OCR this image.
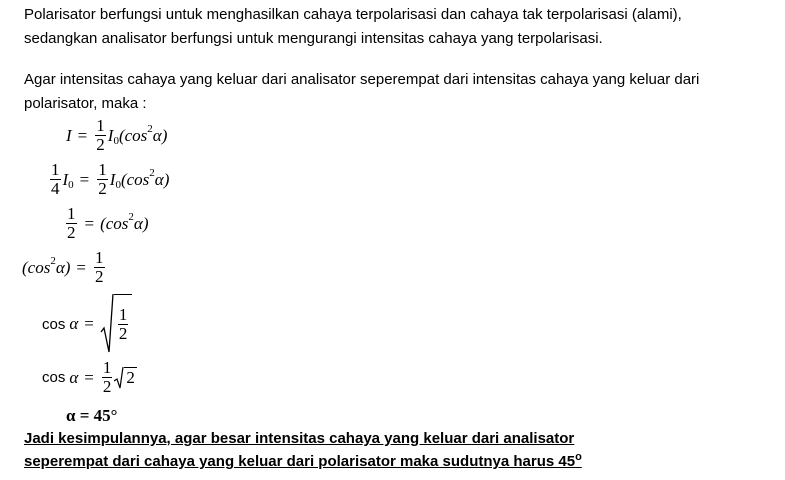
Polarisator berfungsi untuk menghasilkan cahaya terpolarisasi dan cahaya tak terpolarisasi (alami),
sedangkan analisator berfungsi untuk mengurangi intensitas cahaya yang terpolarisasi.

Agar intensitas cahaya yang keluar dari analisator seperempat dari intensitas cahaya yang keluar dari
polarisator, maka :

$I = \frac{1}{2}$ I 0 (cos 2 α)
$\frac{1}{4}$ I $0 = \frac{1}{2}$ I 0 (cos 2 α)
$\frac{1}{2} = (\cos$ 2 α)
(cos 2 $\alpha) = \frac{1}{2}$
$\cos \alpha = \frac{1}{2}$
$\cos \alpha = \frac{1}{2} 2$
α = 45°
Jadi kesimpulannya, agar besar intensitas cahaya yang keluar dari analisator
seperempat dari cahaya yang keluar dari polarisator maka sudutnya harus 45$^o$
